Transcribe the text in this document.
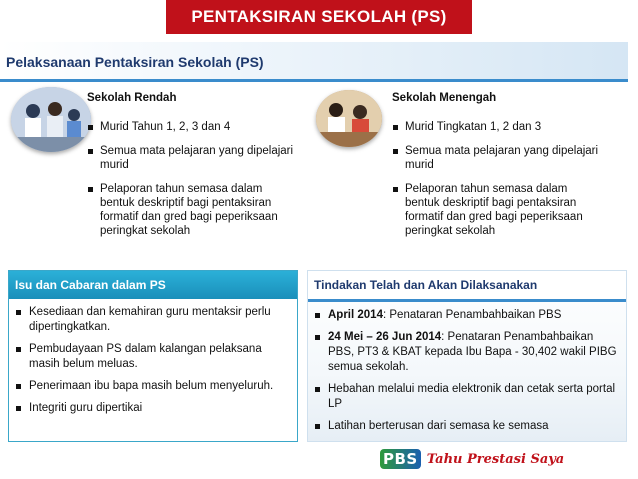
PENTAKSIRAN SEKOLAH (PS)
Pelaksanaan Pentaksiran Sekolah (PS)
Sekolah Rendah
Murid Tahun 1, 2, 3 dan 4
Semua mata pelajaran yang dipelajari murid
Pelaporan tahun semasa dalam bentuk deskriptif bagi pentaksiran formatif dan gred bagi peperiksaan peringkat sekolah
Sekolah Menengah
Murid Tingkatan 1, 2 dan 3
Semua mata pelajaran yang dipelajari murid
Pelaporan tahun semasa dalam bentuk deskriptif bagi pentaksiran formatif dan gred bagi peperiksaan peringkat sekolah
Isu dan Cabaran dalam PS
Kesediaan dan kemahiran guru mentaksir perlu dipertingkatkan.
Pembudayaan PS dalam kalangan pelaksana masih belum meluas.
Penerimaan ibu bapa masih belum menyeluruh.
Integriti guru dipertikai
Tindakan Telah dan Akan Dilaksanakan
April 2014: Penataran Penambahbaikan PBS
24 Mei – 26 Jun 2014: Penataran Penambahbaikan PBS, PT3 & KBAT kepada Ibu Bapa - 30,402 wakil PIBG semua sekolah.
Hebahan melalui media elektronik dan cetak serta portal LP
Latihan berterusan dari semasa ke semasa
PBS Tahu Prestasi Saya
